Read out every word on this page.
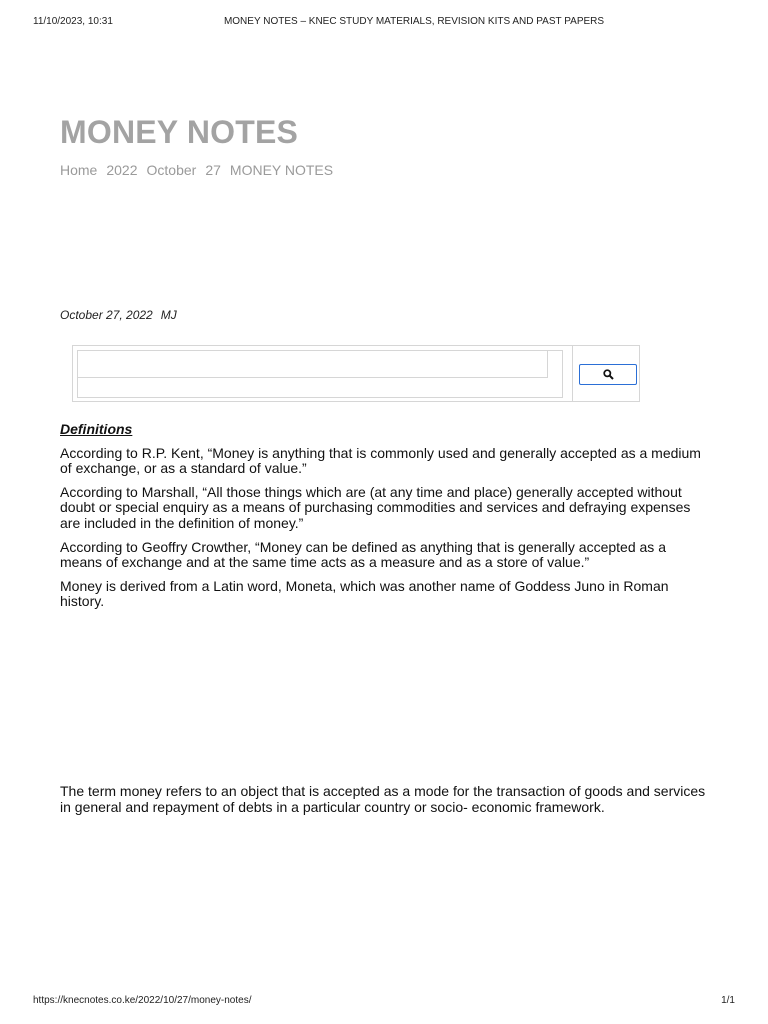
11/10/2023, 10:31	MONEY NOTES – KNEC STUDY MATERIALS, REVISION KITS AND PAST PAPERS
MONEY NOTES
Home 2022 October 27 MONEY NOTES
October 27, 2022 MJ
Definitions

According to R.P. Kent, “Money is anything that is commonly used and generally accepted as a medium of exchange, or as a standard of value.”

According to Marshall, “All those things which are (at any time and place) generally accepted without doubt or special enquiry as a means of purchasing commodities and services and defraying expenses are included in the definition of money.”

According to Geoffry Crowther, “Money can be defined as anything that is generally accepted as a means of exchange and at the same time acts as a measure and as a store of value.”

Money is derived from a Latin word, Moneta, which was another name of Goddess Juno in Roman history.

The term money refers to an object that is accepted as a mode for the transaction of goods and services in general and repayment of debts in a particular country or socio- economic framework.

https://knecnotes.co.ke/2022/10/27/money-notes/	1/1
